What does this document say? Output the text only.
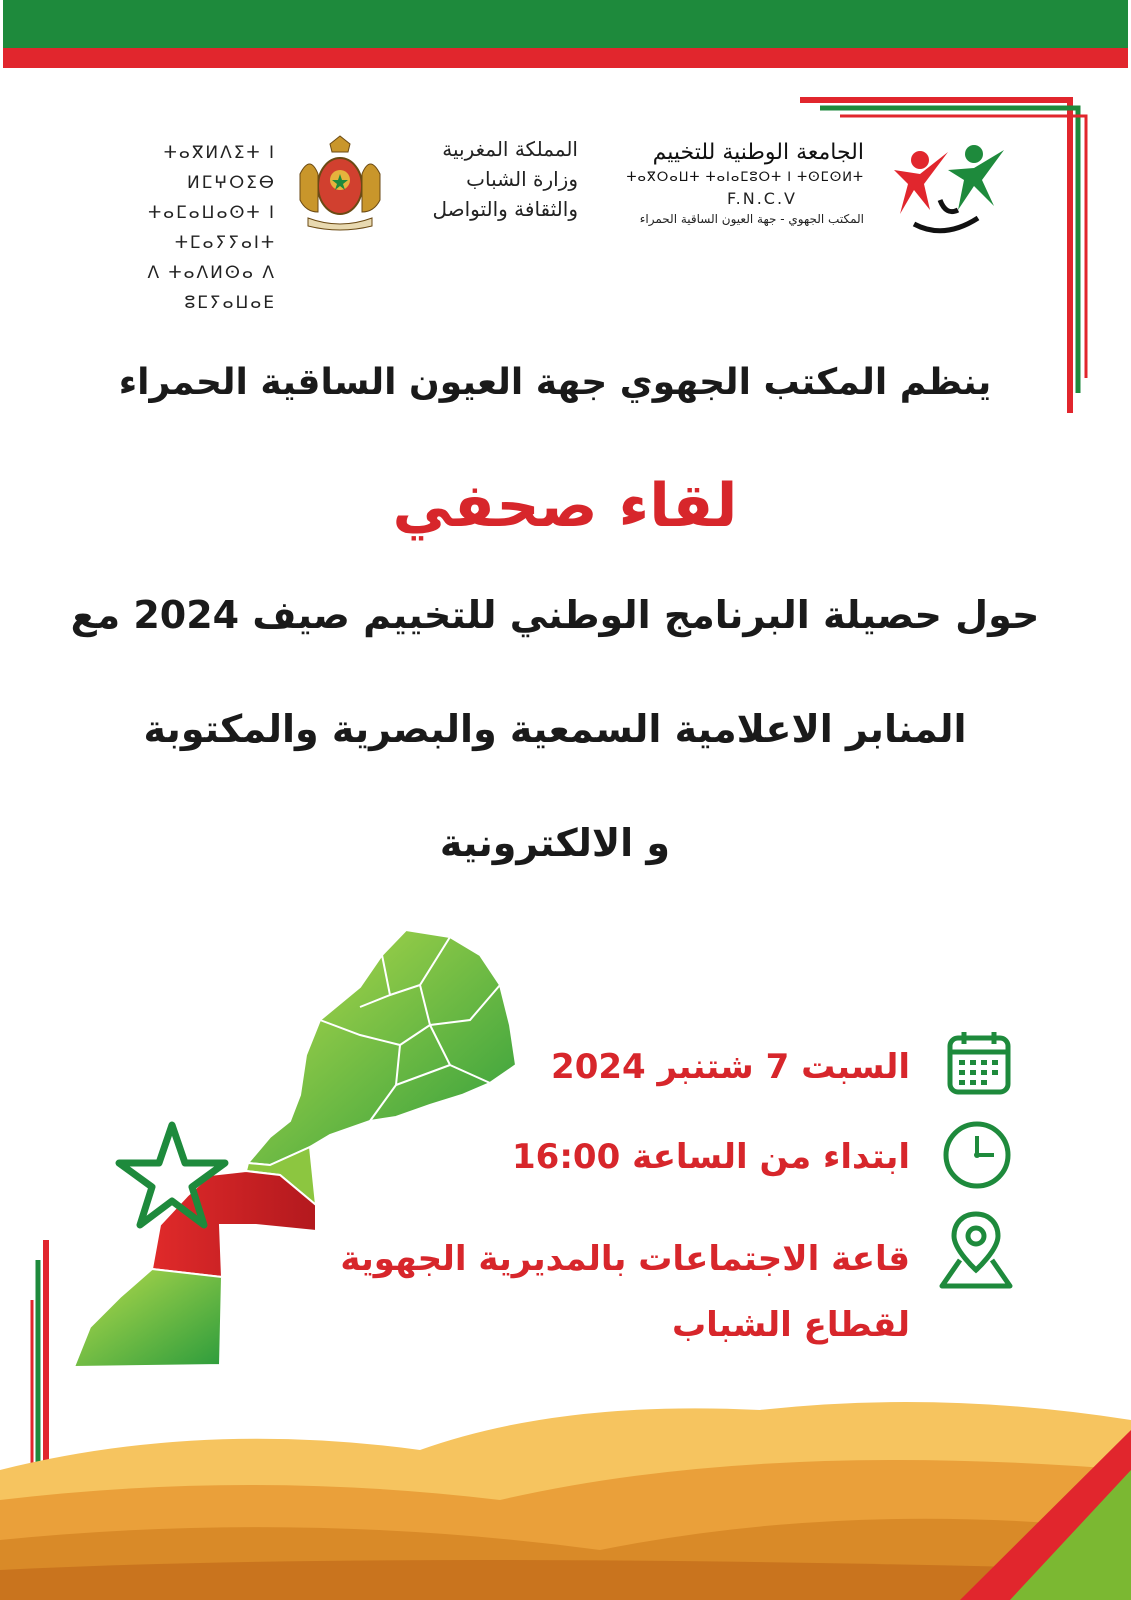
ⵜⴰⴳⵍⴷⵉⵜ ⵏ ⵍⵎⵖⵔⵉⴱ
ⵜⴰⵎⴰⵡⴰⵙⵜ ⵏ ⵜⵎⴰⵢⵢⴰⵏⵜ
ⴷ ⵜⴰⴷⵍⵙⴰ ⴷ ⵓⵎⵢⴰⵡⴰⴹ
المملكة المغربية
وزارة الشباب
والثقافة والتواصل
الجامعة الوطنية للتخييم
ⵜⴰⴳⵔⴰⵡⵜ ⵜⴰⵏⴰⵎⵓⵔⵜ ⵏ ⵜⵙⵎⵙⵍⵜ
F.N.C.V
المكتب الجهوي - جهة العيون الساقية الحمراء
ينظم المكتب الجهوي جهة العيون الساقية الحمراء
لقاء صحفي
حول حصيلة البرنامج الوطني للتخييم صيف 2024 مع
المنابر الاعلامية السمعية والبصرية والمكتوبة
و الالكترونية
السبت 7 شتنبر 2024
ابتداء من الساعة 16:00
قاعة الاجتماعات بالمديرية الجهوية
لقطاع الشباب
